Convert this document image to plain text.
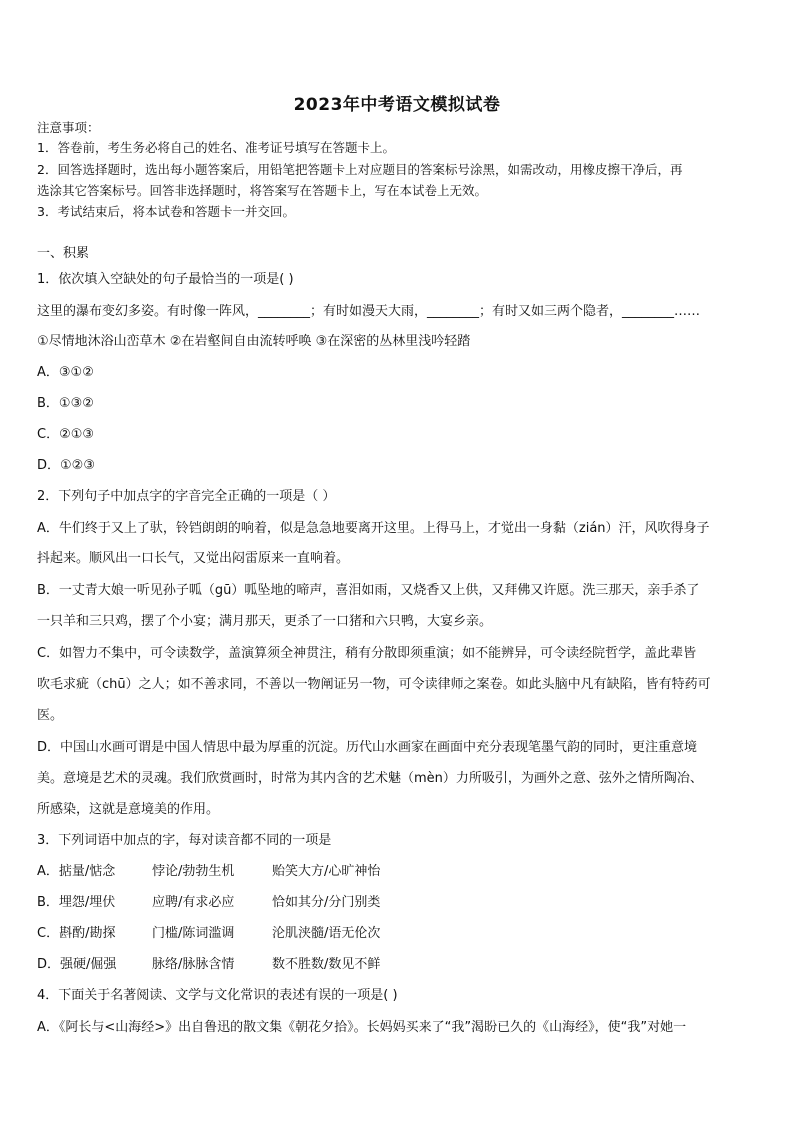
2023年中考语文模拟试卷
注意事项：
1．答卷前，考生务必将自己的姓名、准考证号填写在答题卡上。
2．回答选择题时，选出每小题答案后，用铅笔把答题卡上对应题目的答案标号涂黑，如需改动，用橡皮擦干净后，再
选涂其它答案标号。回答非选择题时，将答案写在答题卡上，写在本试卷上无效。
3．考试结束后，将本试卷和答题卡一并交回。
一、积累
1．依次填入空缺处的句子最恰当的一项是( )
这里的瀑布变幻多姿。有时像一阵风，________；有时如漫天大雨，________；有时又如三两个隐者，________……
①尽情地沐浴山峦草木 ②在岩壑间自由流转呼唤 ③在深密的丛林里浅吟轻踏
A．③①②
B．①③②
C．②①③
D．①②③
2．下列句子中加点字的字音完全正确的一项是（ ）
A．牛们终于又上了驮，铃铛朗朗的响着，似是急急地要离开这里。上得马上，才觉出一身黏（zián）汗，风吹得身子
抖起来。顺风出一口长气，又觉出闷雷原来一直响着。
B．一丈青大娘一听见孙子呱（gū）呱坠地的啼声，喜泪如雨，又烧香又上供，又拜佛又许愿。洗三那天，亲手杀了
一只羊和三只鸡，摆了个小宴；满月那天，更杀了一口猪和六只鸭，大宴乡亲。
C．如智力不集中，可令读数学，盖演算须全神贯注，稍有分散即须重演；如不能辨异，可令读经院哲学，盖此辈皆
吹毛求疵（chū）之人；如不善求同，不善以一物阐证另一物，可令读律师之案卷。如此头脑中凡有缺陷，皆有特药可
医。
D．中国山水画可谓是中国人情思中最为厚重的沉淀。历代山水画家在画面中充分表现笔墨气韵的同时，更注重意境
美。意境是艺术的灵魂。我们欣赏画时，时常为其内含的艺术魅（mèn）力所吸引，为画外之意、弦外之情所陶冶、
所感染，这就是意境美的作用。
3．下列词语中加点的字，每对读音都不同的一项是
A．掂量/惦念	悖论/勃勃生机	贻笑大方/心旷神怡
B．埋怨/埋伏	应聘/有求必应	恰如其分/分门别类
C．斟酌/勘探	门槛/陈词滥调	沦肌浃髓/语无伦次
D．强硬/倔强	脉络/脉脉含情	数不胜数/数见不鲜
4．下面关于名著阅读、文学与文化常识的表述有误的一项是( )
A．《阿长与<山海经>》出自鲁迅的散文集《朝花夕拾》。长妈妈买来了“我”渴盼已久的《山海经》，使“我”对她一
